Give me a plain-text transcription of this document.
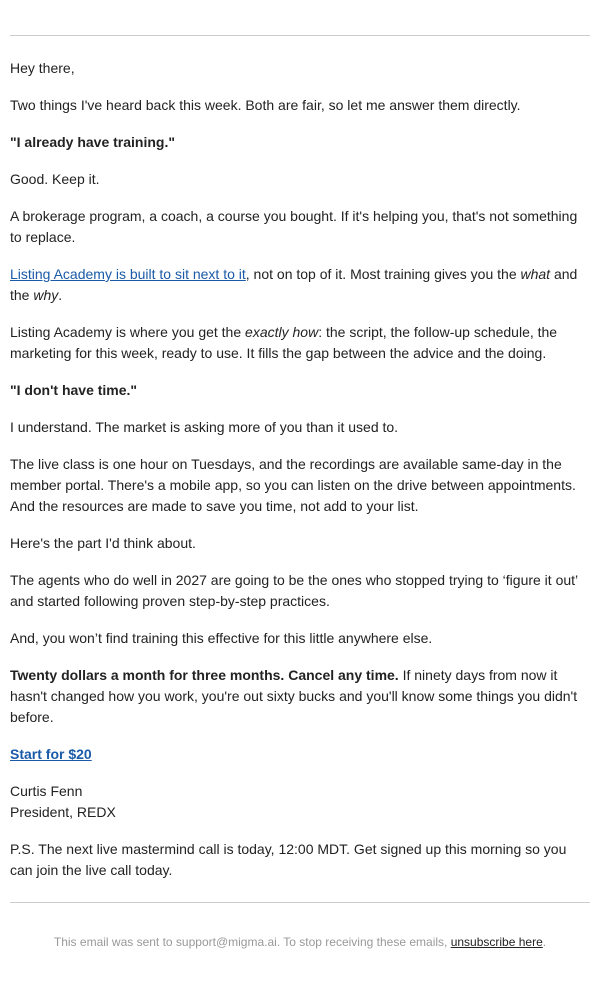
Hey there,

Two things I've heard back this week. Both are fair, so let me answer them directly.

"I already have training."

Good. Keep it.

A brokerage program, a coach, a course you bought. If it's helping you, that's not something to replace.

Listing Academy is built to sit next to it, not on top of it. Most training gives you the what and the why.

Listing Academy is where you get the exactly how: the script, the follow-up schedule, the marketing for this week, ready to use. It fills the gap between the advice and the doing.

"I don't have time."

I understand. The market is asking more of you than it used to.

The live class is one hour on Tuesdays, and the recordings are available same-day in the member portal. There's a mobile app, so you can listen on the drive between appointments. And the resources are made to save you time, not add to your list.

Here's the part I'd think about.

The agents who do well in 2027 are going to be the ones who stopped trying to ‘figure it out’ and started following proven step-by-step practices.

And, you won’t find training this effective for this little anywhere else.

Twenty dollars a month for three months. Cancel any time. If ninety days from now it hasn't changed how you work, you're out sixty bucks and you'll know some things you didn't before.

Start for $20

Curtis Fenn
President, REDX

P.S. The next live mastermind call is today, 12:00 MDT. Get signed up this morning so you can join the live call today.

This email was sent to support@migma.ai. To stop receiving these emails, unsubscribe here.
